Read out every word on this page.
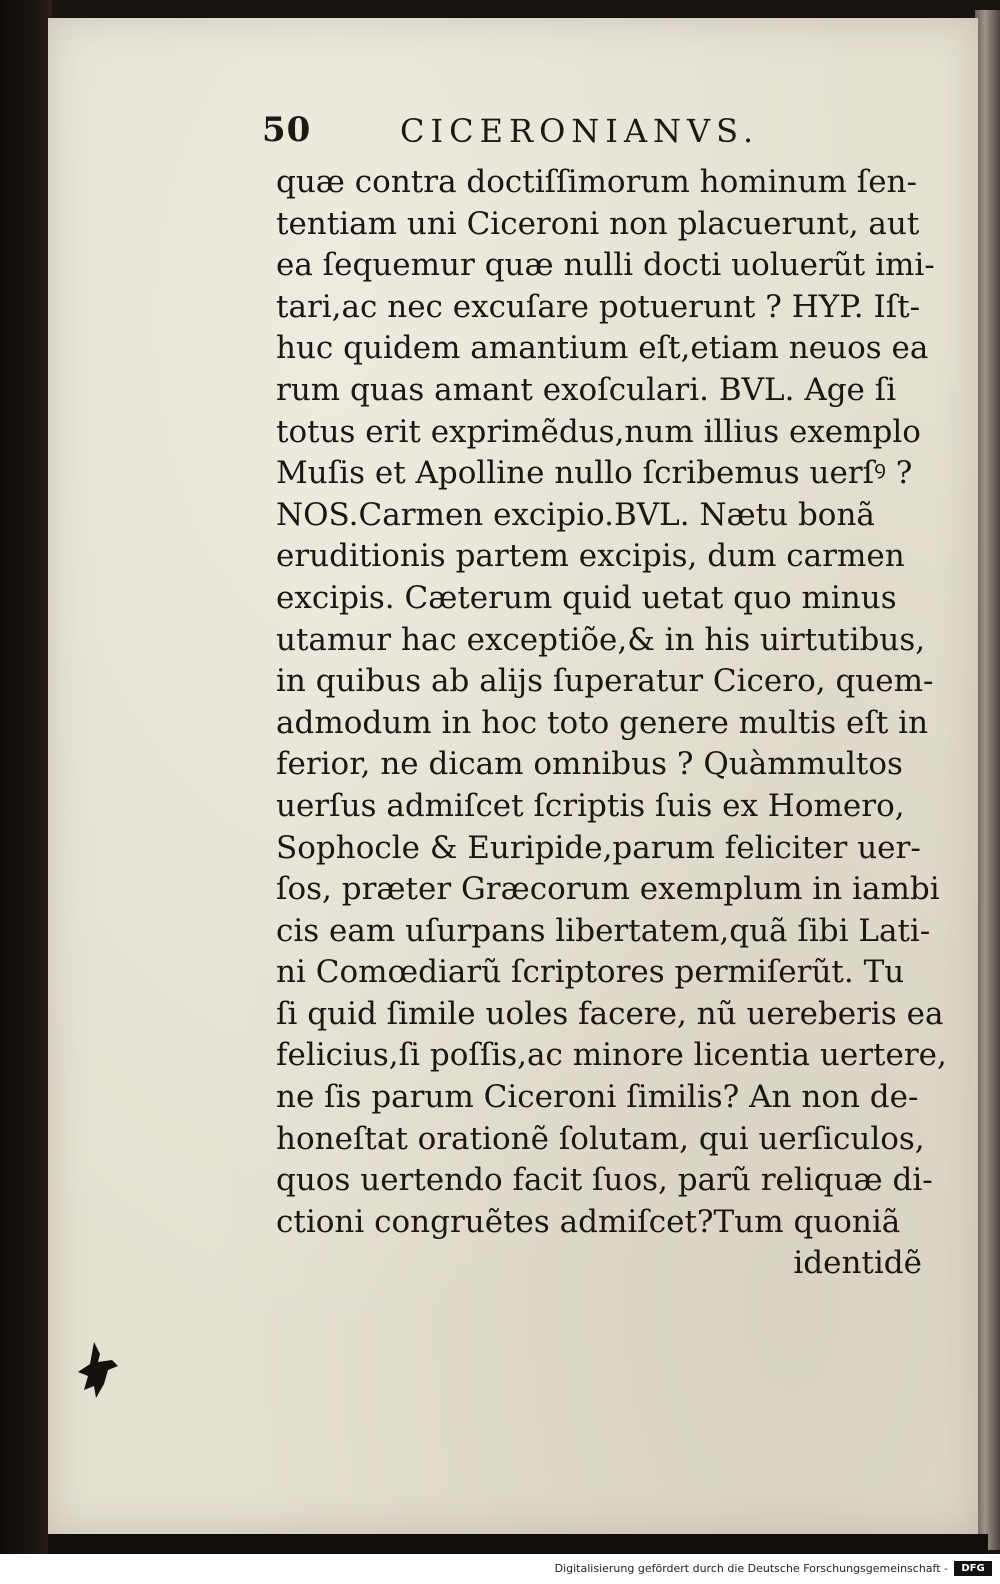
50	CICERONIANVS.
quæ contra doctiſſimorum hominum ſen-
tentiam uni Ciceroni non placuerunt, aut
ea ſequemur quæ nulli docti uoluerũt imi-
tari,ac nec excuſare potuerunt ? HYP. Iſt-
huc quidem amantium eſt,etiam neuos ea
rum quas amant exoſculari. BVL. Age ſi
totus erit exprimẽdus,num illius exemplo
Muſis et Apolline nullo ſcribemus uerſꝰ ?
NOS.Carmen excipio.BVL. Nætu bonã
eruditionis partem excipis, dum carmen
excipis. Cæterum quid uetat quo minus
utamur hac exceptiõe,& in his uirtutibus,
in quibus ab alijs ſuperatur Cicero, quem-
admodum in hoc toto genere multis eſt in
ferior, ne dicam omnibus ? Quàmmultos
uerſus admiſcet ſcriptis ſuis ex Homero,
Sophocle & Euripide,parum feliciter uer-
ſos, præter Græcorum exemplum in iambi
cis eam uſurpans libertatem,quã ſibi Lati-
ni Comœdiarũ ſcriptores permiſerũt. Tu
ſi quid ſimile uoles facere, nũ uereberis ea
felicius,ſi poſſis,ac minore licentia uertere,
ne ſis parum Ciceroni ſimilis? An non de-
honeſtat orationẽ ſolutam, qui uerſiculos,
quos uertendo facit ſuos, parũ reliquæ di-
ctioni congruẽtes admiſcet?Tum quoniã
identidẽ
Digitalisierung gefördert durch die Deutsche Forschungsgemeinschaft -	DFG
